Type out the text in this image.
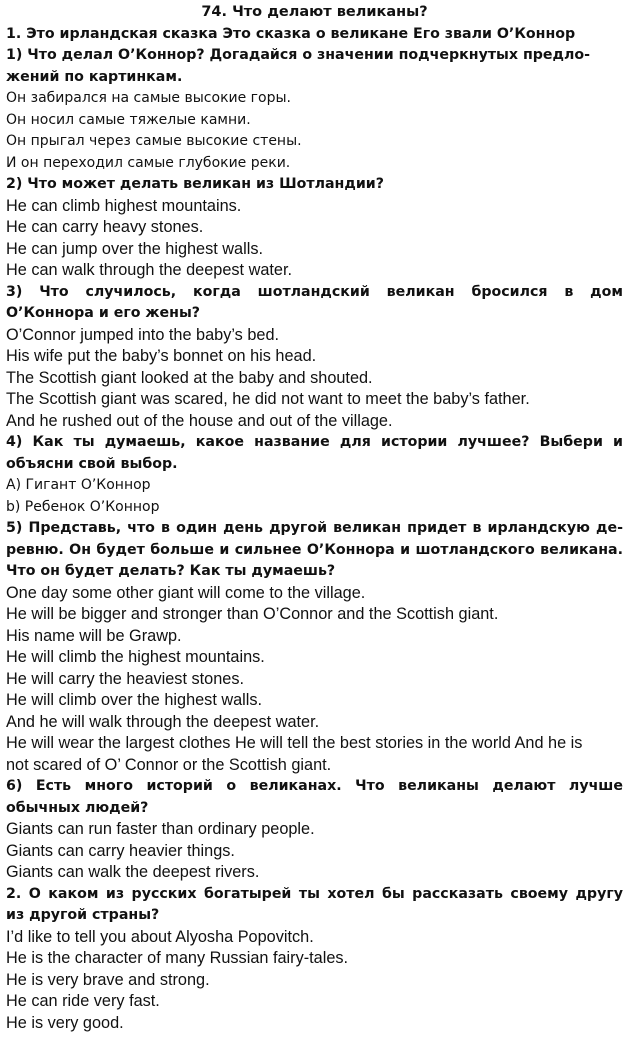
74. Что делают великаны?
1. Это ирландская сказка Это сказка о великане Его звали О’Коннор
1) Что делал О’Коннор? Догадайся о значении подчеркнутых предло-
жений по картинкам.
Он забирался на самые высокие горы.
Он носил самые тяжелые камни.
Он прыгал через самые высокие стены.
И он переходил самые глубокие реки.
2) Что может делать великан из Шотландии?
He can climb highest mountains.
He can carry heavy stones.
He can jump over the highest walls.
He can walk through the deepest water.
3) Что случилось, когда шотландский великан бросился в дом
О’Коннора и его жены?
O’Connor jumped into the baby’s bed.
His wife put the baby’s bonnet on his head.
The Scottish giant looked at the baby and shouted.
The Scottish giant was scared, he did not want to meet the baby’s father.
And he rushed out of the house and out of the village.
4) Как ты думаешь, какое название для истории лучшее? Выбери и
объясни свой выбор.
A) Гигант О’Коннор
b) Ребенок О’Коннор
5) Представь, что в один день другой великан придет в ирландскую де-
ревню. Он будет больше и сильнее О’Коннора и шотландского великана.
Что он будет делать? Как ты думаешь?
One day some other giant will come to the village.
He will be bigger and stronger than O’Connor and the Scottish giant.
His name will be Grawp.
He will climb the highest mountains.
He will carry the heaviest stones.
He will climb over the highest walls.
And he will walk through the deepest water.
He will wear the largest clothes He will tell the best stories in the world And he is
not scared of O’ Connor or the Scottish giant.
6) Есть много историй о великанах. Что великаны делают лучше
обычных людей?
Giants can run faster than ordinary people.
Giants can carry heavier things.
Giants can walk the deepest rivers.
2. О каком из русских богатырей ты хотел бы рассказать своему другу
из другой страны?
I’d like to tell you about Alyosha Popovitch.
He is the character of many Russian fairy-tales.
He is very brave and strong.
He can ride very fast.
He is very good.
